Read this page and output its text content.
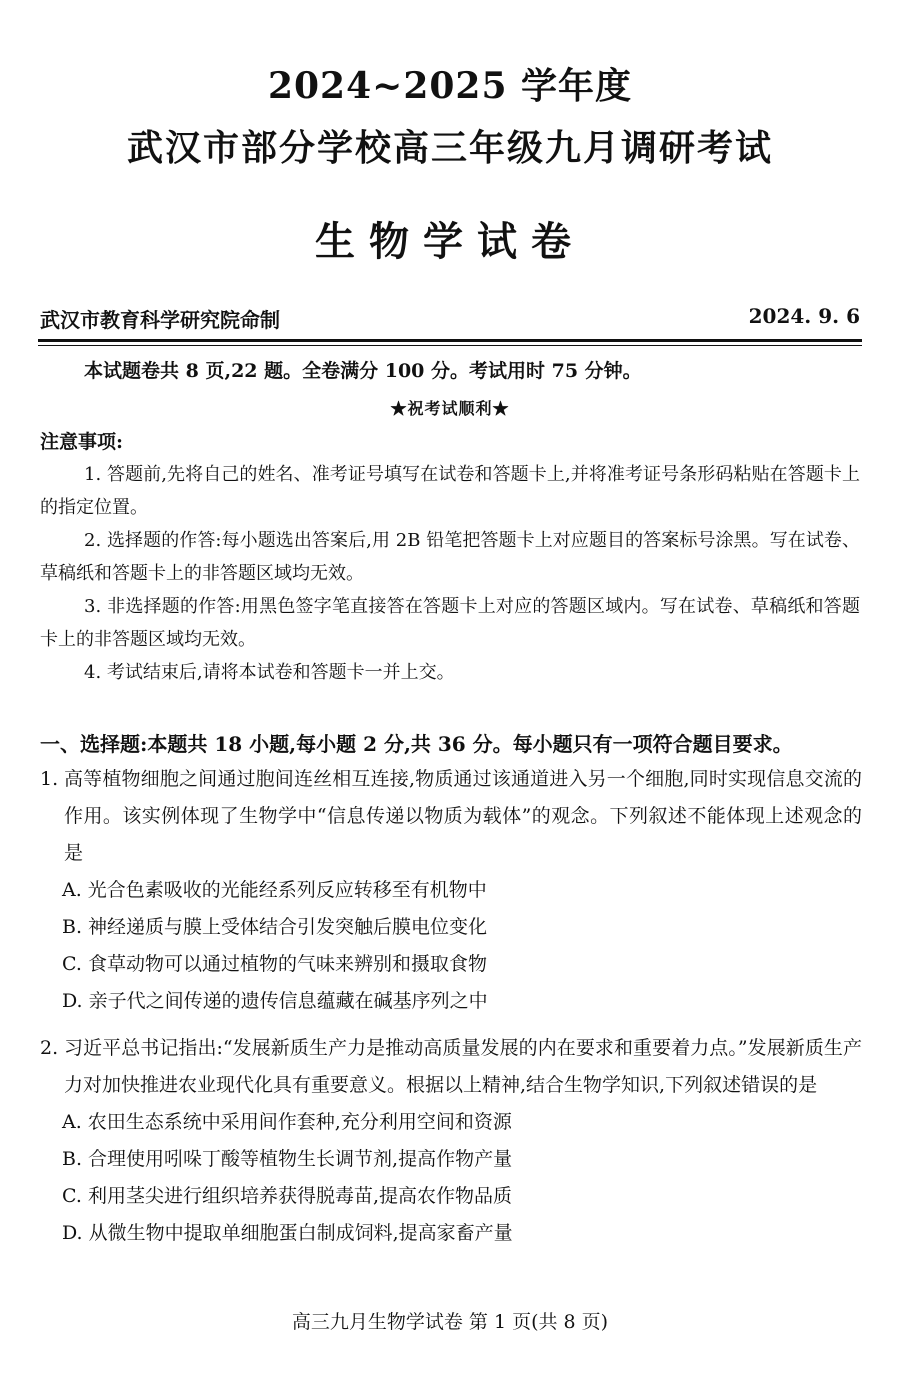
2024~2025 学年度
武汉市部分学校高三年级九月调研考试
生物学试卷
武汉市教育科学研究院命制	2024. 9. 6
本试题卷共 8 页,22 题。全卷满分 100 分。考试用时 75 分钟。
★祝考试顺利★
注意事项:

1. 答题前,先将自己的姓名、准考证号填写在试卷和答题卡上,并将准考证号条形码粘贴在答题卡上的指定位置。

2. 选择题的作答:每小题选出答案后,用 2B 铅笔把答题卡上对应题目的答案标号涂黑。写在试卷、草稿纸和答题卡上的非答题区域均无效。

3. 非选择题的作答:用黑色签字笔直接答在答题卡上对应的答题区域内。写在试卷、草稿纸和答题卡上的非答题区域均无效。

4. 考试结束后,请将本试卷和答题卡一并上交。

一、选择题:本题共 18 小题,每小题 2 分,共 36 分。每小题只有一项符合题目要求。
1. 高等植物细胞之间通过胞间连丝相互连接,物质通过该通道进入另一个细胞,同时实现信息交流的作用。该实例体现了生物学中“信息传递以物质为载体”的观念。下列叙述不能体现上述观念的是
A. 光合色素吸收的光能经系列反应转移至有机物中
B. 神经递质与膜上受体结合引发突触后膜电位变化
C. 食草动物可以通过植物的气味来辨别和摄取食物
D. 亲子代之间传递的遗传信息蕴藏在碱基序列之中
2. 习近平总书记指出:“发展新质生产力是推动高质量发展的内在要求和重要着力点。”发展新质生产力对加快推进农业现代化具有重要意义。根据以上精神,结合生物学知识,下列叙述错误的是
A. 农田生态系统中采用间作套种,充分利用空间和资源
B. 合理使用吲哚丁酸等植物生长调节剂,提高作物产量
C. 利用茎尖进行组织培养获得脱毒苗,提高农作物品质
D. 从微生物中提取单细胞蛋白制成饲料,提高家畜产量
高三九月生物学试卷 第 1 页(共 8 页)
